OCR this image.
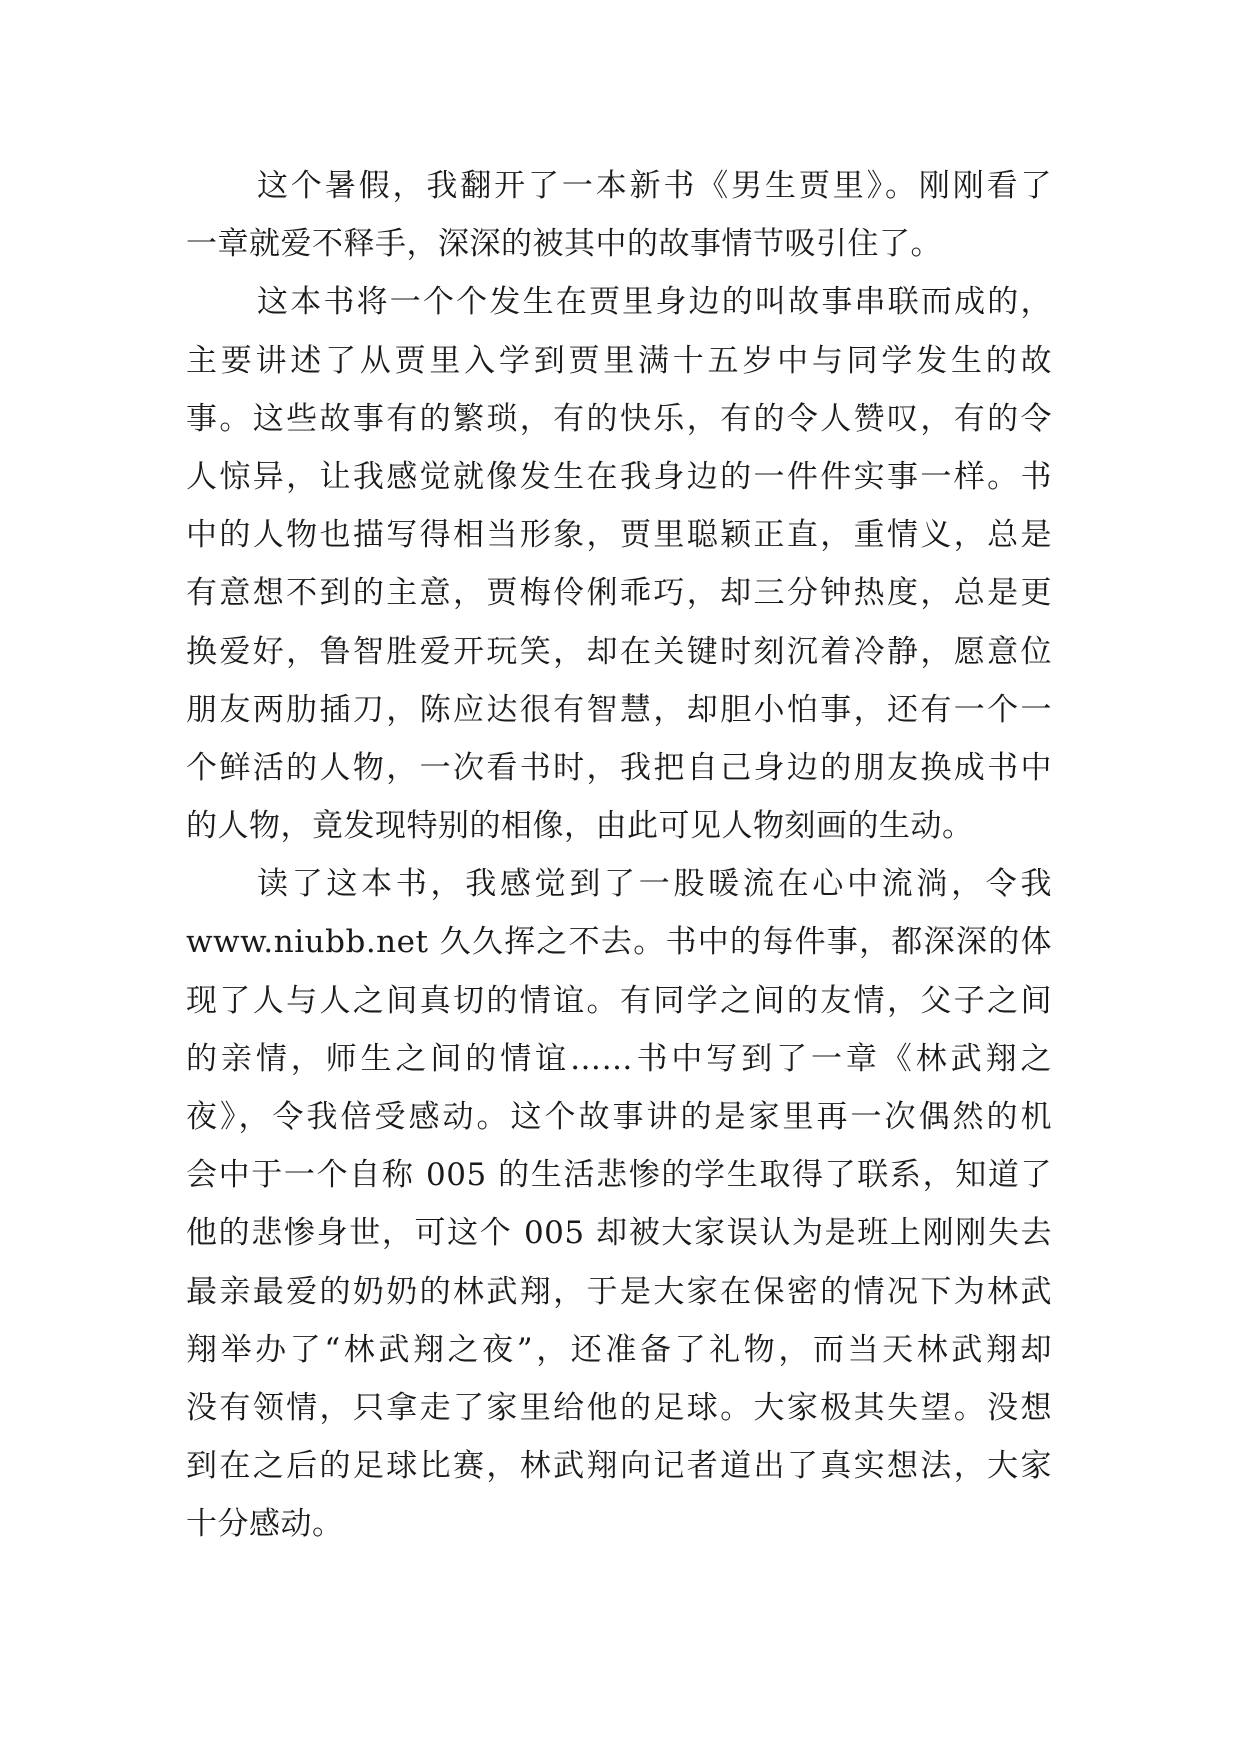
这个暑假，我翻开了一本新书《男生贾里》。刚刚看了
一章就爱不释手，深深的被其中的故事情节吸引住了。
这本书将一个个发生在贾里身边的叫故事串联而成的，
主要讲述了从贾里入学到贾里满十五岁中与同学发生的故
事。这些故事有的繁琐，有的快乐，有的令人赞叹，有的令
人惊异，让我感觉就像发生在我身边的一件件实事一样。书
中的人物也描写得相当形象，贾里聪颖正直，重情义，总是
有意想不到的主意，贾梅伶俐乖巧，却三分钟热度，总是更
换爱好，鲁智胜爱开玩笑，却在关键时刻沉着冷静，愿意位
朋友两肋插刀，陈应达很有智慧，却胆小怕事，还有一个一
个鲜活的人物，一次看书时，我把自己身边的朋友换成书中
的人物，竟发现特别的相像，由此可见人物刻画的生动。
读了这本书，我感觉到了一股暖流在心中流淌，令我
www.niubb.net 久久挥之不去。书中的每件事，都深深的体
现了人与人之间真切的情谊。有同学之间的友情，父子之间
的亲情，师生之间的情谊……书中写到了一章《林武翔之
夜》，令我倍受感动。这个故事讲的是家里再一次偶然的机
会中于一个自称 005 的生活悲惨的学生取得了联系，知道了
他的悲惨身世，可这个 005 却被大家误认为是班上刚刚失去
最亲最爱的奶奶的林武翔，于是大家在保密的情况下为林武
翔举办了“林武翔之夜”，还准备了礼物，而当天林武翔却
没有领情，只拿走了家里给他的足球。大家极其失望。没想
到在之后的足球比赛，林武翔向记者道出了真实想法，大家
十分感动。
